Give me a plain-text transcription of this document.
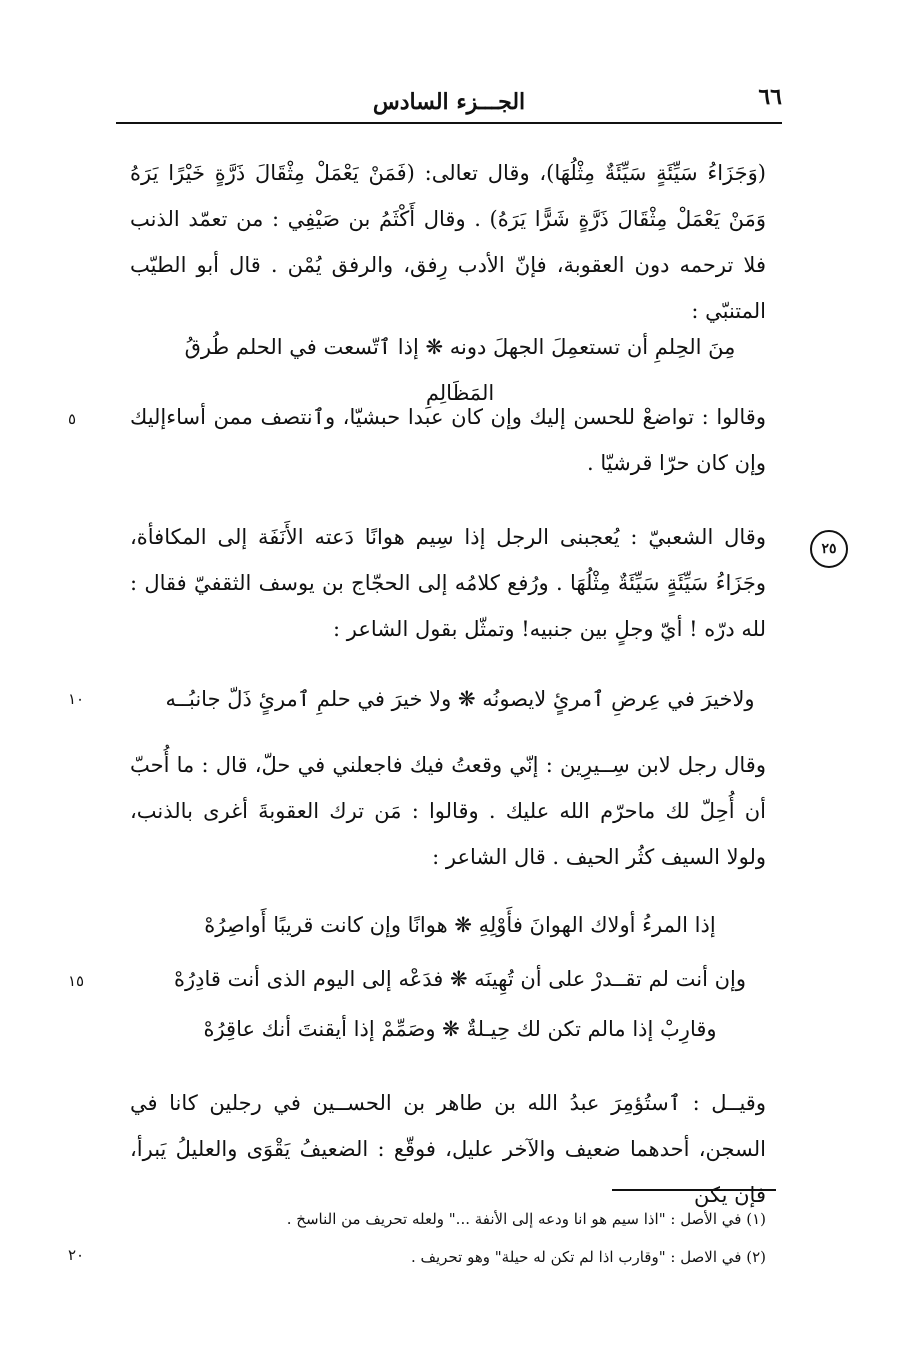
٦٦
الجـــزء السادس

(وَجَزَاءُ سَيِّئَةٍ سَيِّئَةٌ مِثْلُهَا)، وقال تعالى: (فَمَنْ يَعْمَلْ مِثْقَالَ ذَرَّةٍ خَيْرًا يَرَهُ وَمَنْ يَعْمَلْ مِثْقَالَ ذَرَّةٍ شَرًّا يَرَهُ) . وقال أَكْثَمُ بن صَيْفِي : من تعمّد الذنب فلا ترحمه دون العقوبة، فإنّ الأدب رِفق، والرفق يُمْن . قال أبو الطيّب المتنبّي :

مِنَ الحِلمِ أن تستعمِلَ الجهلَ دونه ❋ إذا ٱتّسعت في الحلم طُرقُ المَظَالِمِ

وقالوا : تواضعْ للحسن إليك وإن كان عبدا حبشيّا، وٱنتصف ممن أساءإليك وإن كان حرّا قرشيّا .

وقال الشعبيّ : يُعجبنى الرجل إذا سِيم هوانًا دَعته الأَنَفَة إلى المكافأة، وجَزَاءُ سَيِّئَةٍ سَيِّئَةٌ مِثْلُهَا . ورُفع كلامُه إلى الحجّاج بن يوسف الثقفيّ فقال : لله درّه ! أيّ وجلٍ بين جنبيه! وتمثّل بقول الشاعر :

ولاخيرَ في عِرضِ ٱمرئٍ لايصونُه ❋ ولا خيرَ في حلمِ ٱمرئٍ ذَلّ جانبُــه

وقال رجل لابن سِــيرِين : إنّي وقعتُ فيك فاجعلني في حلّ، قال : ما أُحبّ أن أُحِلّ لك ماحرّم الله عليك . وقالوا : مَن ترك العقوبةَ أغرى بالذنب، ولولا السيف كثُر الحيف . قال الشاعر :

إذا المرءُ أولاك الهوانَ فأَوْلِهِ ❋ هوانًا وإن كانت قريبًا أَواصِرُهْ

وإن أنت لم تقــدرْ على أن تُهِينَه ❋ فدَعْه إلى اليوم الذى أنت قادِرُهْ

وقارِبْ إذا مالم تكن لك حِيـلةٌ ❋ وصَمِّمْ إذا أيقنتَ أنك عاقِرُهْ

وقيــل : ٱستُؤمِرَ عبدُ الله بن طاهر بن الحســين في رجلين كانا في السجن، أحدهما ضعيف والآخر عليل، فوقّع : الضعيفُ يَقْوَى والعليلُ يَبرأ، فإن يكن

٥
١٠
١٥
٢٠
٢٥

(١) في الأصل : "اذا سيم هو انا ودعه إلى الأنفة ..." ولعله تحريف من الناسخ .

(٢) في الاصل : "وقارب اذا لم تكن له حيلة" وهو تحريف .
